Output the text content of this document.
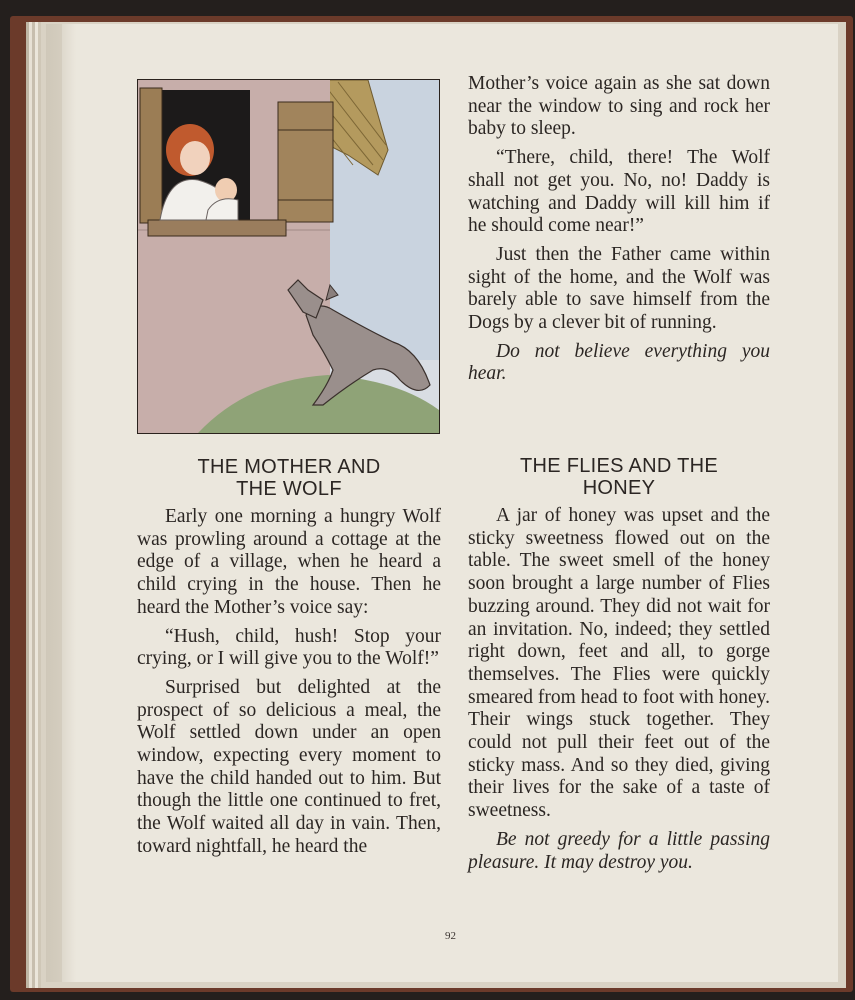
Mother’s voice again as she sat down near the window to sing and rock her baby to sleep.

“There, child, there! The Wolf shall not get you. No, no! Daddy is watching and Daddy will kill him if he should come near!”

Just then the Father came within sight of the home, and the Wolf was barely able to save himself from the Dogs by a clever bit of running.

Do not believe everything you hear.

THE MOTHER AND
THE WOLF

Early one morning a hungry Wolf was prowling around a cottage at the edge of a village, when he heard a child crying in the house. Then he heard the Mother’s voice say:

“Hush, child, hush! Stop your crying, or I will give you to the Wolf!”

Surprised but delighted at the prospect of so delicious a meal, the Wolf settled down under an open window, expecting every moment to have the child handed out to him. But though the little one continued to fret, the Wolf waited all day in vain. Then, toward nightfall, he heard the

THE FLIES AND THE
HONEY

A jar of honey was upset and the sticky sweetness flowed out on the table. The sweet smell of the honey soon brought a large number of Flies buzzing around. They did not wait for an invitation. No, indeed; they settled right down, feet and all, to gorge themselves. The Flies were quickly smeared from head to foot with honey. Their wings stuck together. They could not pull their feet out of the sticky mass. And so they died, giving their lives for the sake of a taste of sweetness.

Be not greedy for a little passing pleasure. It may destroy you.

92
